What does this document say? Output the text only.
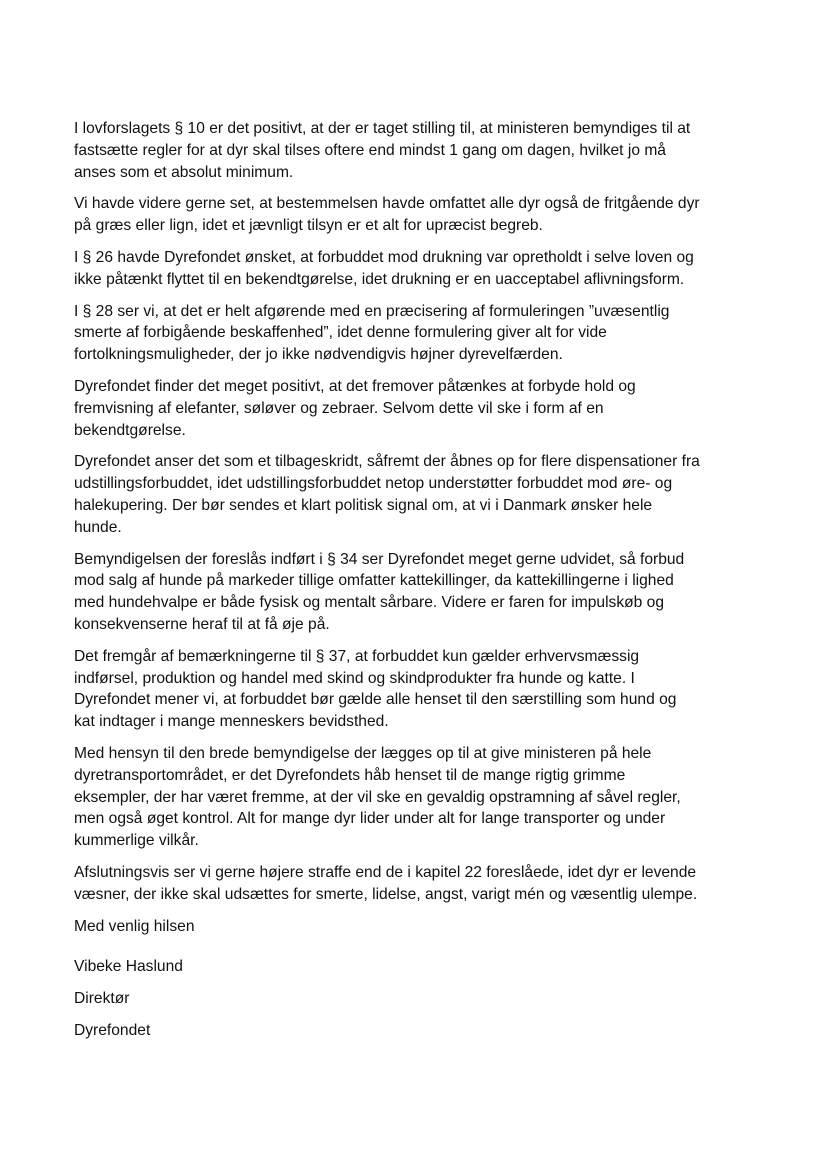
I lovforslagets § 10 er det positivt, at der er taget stilling til, at ministeren bemyndiges til at
fastsætte regler for at dyr skal tilses oftere end mindst 1 gang om dagen, hvilket jo må
anses som et absolut minimum.

Vi havde videre gerne set, at bestemmelsen havde omfattet alle dyr også de fritgående dyr
på græs eller lign, idet et jævnligt tilsyn er et alt for upræcist begreb.

I § 26 havde Dyrefondet ønsket, at forbuddet mod drukning var opretholdt i selve loven og
ikke påtænkt flyttet til en bekendtgørelse, idet drukning er en uacceptabel aflivningsform.

I § 28 ser vi, at det er helt afgørende med en præcisering af formuleringen ”uvæsentlig
smerte af forbigående beskaffenhed”, idet denne formulering giver alt for vide
fortolkningsmuligheder, der jo ikke nødvendigvis højner dyrevelfærden.

Dyrefondet finder det meget positivt, at det fremover påtænkes at forbyde hold og
fremvisning af elefanter, søløver og zebraer. Selvom dette vil ske i form af en
bekendtgørelse.

Dyrefondet anser det som et tilbageskridt, såfremt der åbnes op for flere dispensationer fra
udstillingsforbuddet, idet udstillingsforbuddet netop understøtter forbuddet mod øre- og
halekupering. Der bør sendes et klart politisk signal om, at vi i Danmark ønsker hele
hunde.

Bemyndigelsen der foreslås indført i § 34 ser Dyrefondet meget gerne udvidet, så forbud
mod salg af hunde på markeder tillige omfatter kattekillinger, da kattekillingerne i lighed
med hundehvalpe er både fysisk og mentalt sårbare. Videre er faren for impulskøb og
konsekvenserne heraf til at få øje på.

Det fremgår af bemærkningerne til § 37, at forbuddet kun gælder erhvervsmæssig
indførsel, produktion og handel med skind og skindprodukter fra hunde og katte. I
Dyrefondet mener vi, at forbuddet bør gælde alle henset til den særstilling som hund og
kat indtager i mange menneskers bevidsthed.

Med hensyn til den brede bemyndigelse der lægges op til at give ministeren på hele
dyretransportområdet, er det Dyrefondets håb henset til de mange rigtig grimme
eksempler, der har været fremme, at der vil ske en gevaldig opstramning af såvel regler,
men også øget kontrol. Alt for mange dyr lider under alt for lange transporter og under
kummerlige vilkår.

Afslutningsvis ser vi gerne højere straffe end de i kapitel 22 foreslåede, idet dyr er levende
væsner, der ikke skal udsættes for smerte, lidelse, angst, varigt mén og væsentlig ulempe.

Med venlig hilsen

Vibeke Haslund

Direktør

Dyrefondet
